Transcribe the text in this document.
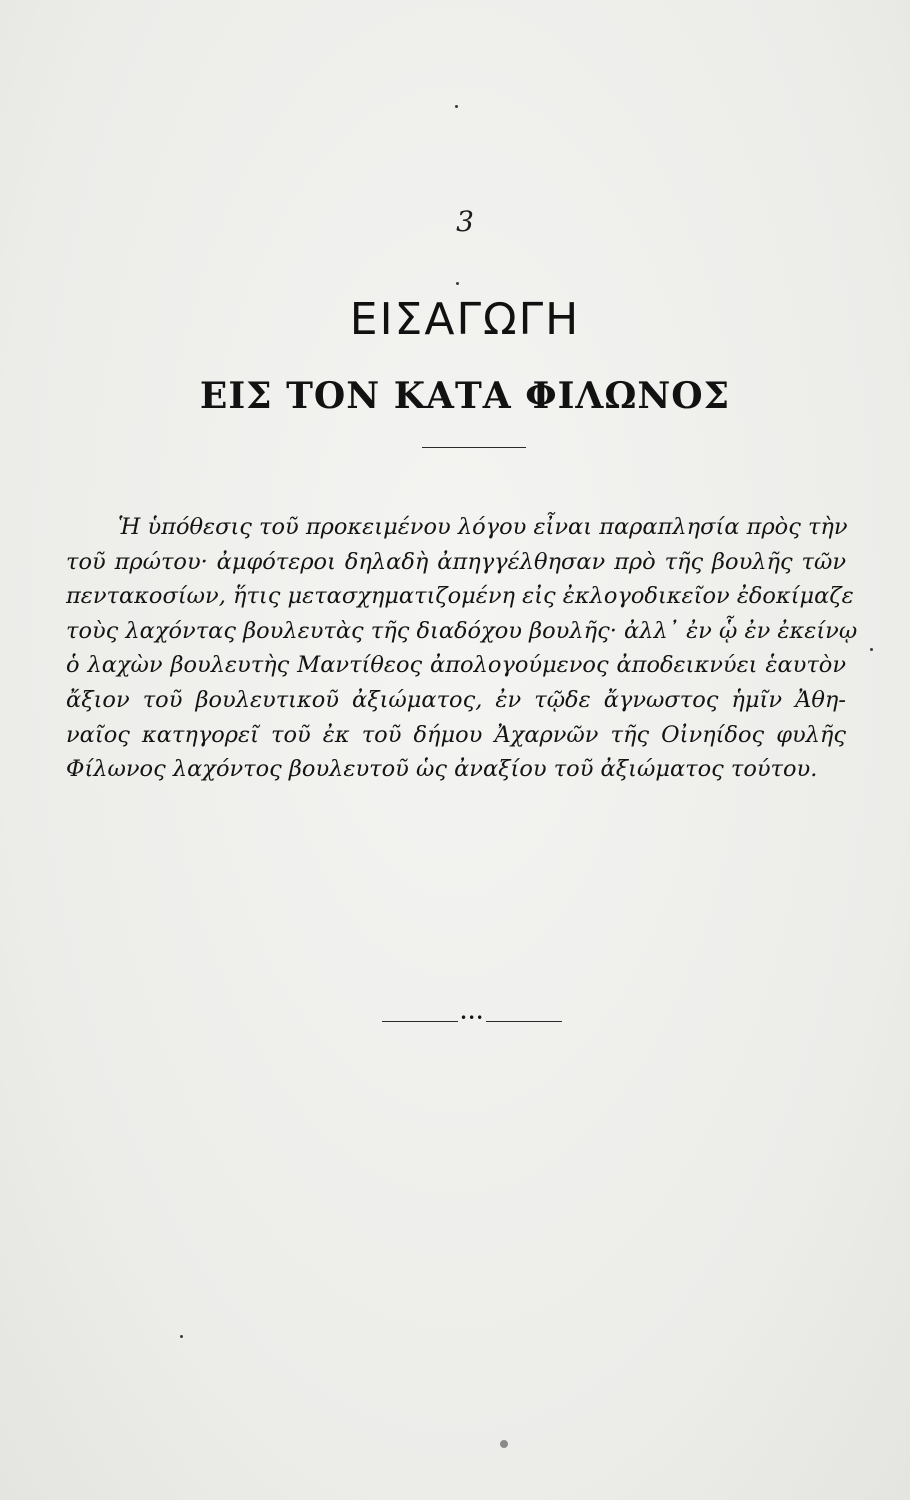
3
ΕΙΣΑΓΩΓΗ
ΕΙΣ ΤΟΝ ΚΑΤΑ ΦΙΛΩΝΟΣ
Ἡ ὑπόθεσις τοῦ προκειμένου λόγου εἶναι παραπλησία πρὸς τὴν
τοῦ πρώτου· ἀμφότεροι δηλαδὴ ἀπηγγέλθησαν πρὸ τῆς βουλῆς τῶν
πεντακοσίων, ἥτις μετασχηματιζομένη εἰς ἐκλογοδικεῖον ἐδοκίμαζε
τοὺς λαχόντας βουλευτὰς τῆς διαδόχου βουλῆς· ἀλλ᾽ ἐν ᾧ ἐν ἐκείνῳ
ὁ λαχὼν βουλευτὴς Μαντίθεος ἀπολογούμενος ἀποδεικνύει ἑαυτὸν
ἄξιον τοῦ βουλευτικοῦ ἀξιώματος, ἐν τῷδε ἄγνωστος ἡμῖν Ἀθη-
ναῖος κατηγορεῖ τοῦ ἐκ τοῦ δήμου Ἀχαρνῶν τῆς Οἰνηίδος φυλῆς
Φίλωνος λαχόντος βουλευτοῦ ὡς ἀναξίου τοῦ ἀξιώματος τούτου.
•••
